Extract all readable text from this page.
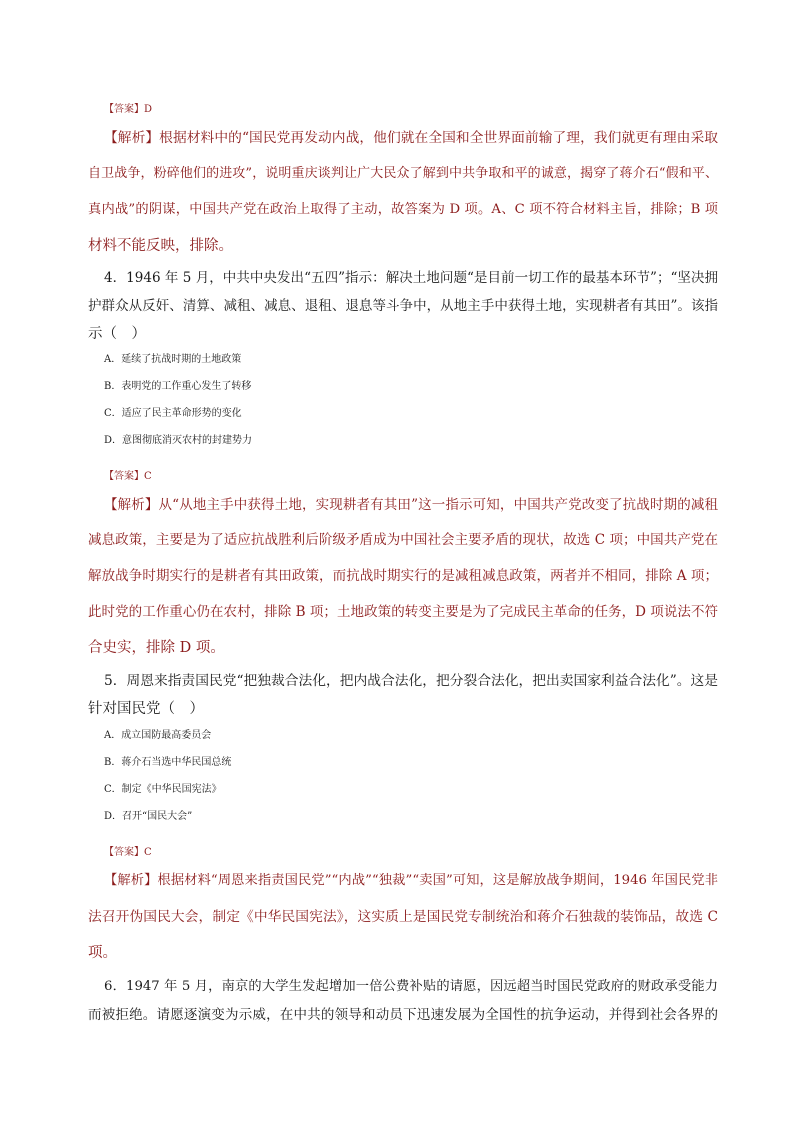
【答案】D
【解析】根据材料中的“国民党再发动内战，他们就在全国和全世界面前输了理，我们就更有理由采取
自卫战争，粉碎他们的进攻”，说明重庆谈判让广大民众了解到中共争取和平的诚意，揭穿了蒋介石“假和平、
真内战”的阴谋，中国共产党在政治上取得了主动，故答案为 D 项。A、C 项不符合材料主旨，排除；B 项
材料不能反映，排除。
4．1946 年 5 月，中共中央发出“五四”指示：解决土地问题“是目前一切工作的最基本环节”；“坚决拥
护群众从反奸、清算、减租、减息、退租、退息等斗争中，从地主手中获得土地，实现耕者有其田”。该指
示（　）
A．延续了抗战时期的土地政策
B．表明党的工作重心发生了转移
C．适应了民主革命形势的变化
D．意图彻底消灭农村的封建势力
【答案】C
【解析】从“从地主手中获得土地，实现耕者有其田”这一指示可知，中国共产党改变了抗战时期的减租
减息政策，主要是为了适应抗战胜利后阶级矛盾成为中国社会主要矛盾的现状，故选 C 项；中国共产党在
解放战争时期实行的是耕者有其田政策，而抗战时期实行的是减租减息政策，两者并不相同，排除 A 项；
此时党的工作重心仍在农村，排除 B 项；土地政策的转变主要是为了完成民主革命的任务，D 项说法不符
合史实，排除 D 项。
5．周恩来指责国民党“把独裁合法化，把内战合法化，把分裂合法化，把出卖国家利益合法化”。这是
针对国民党（　）
A．成立国防最高委员会
B．蒋介石当选中华民国总统
C．制定《中华民国宪法》
D．召开“国民大会”
【答案】C
【解析】根据材料“周恩来指责国民党”“内战”“独裁”“卖国”可知，这是解放战争期间，1946 年国民党非
法召开伪国民大会，制定《中华民国宪法》，这实质上是国民党专制统治和蒋介石独裁的装饰品，故选 C
项。
6．1947 年 5 月，南京的大学生发起增加一倍公费补贴的请愿，因远超当时国民党政府的财政承受能力
而被拒绝。请愿逐演变为示威，在中共的领导和动员下迅速发展为全国性的抗争运动，并得到社会各界的
